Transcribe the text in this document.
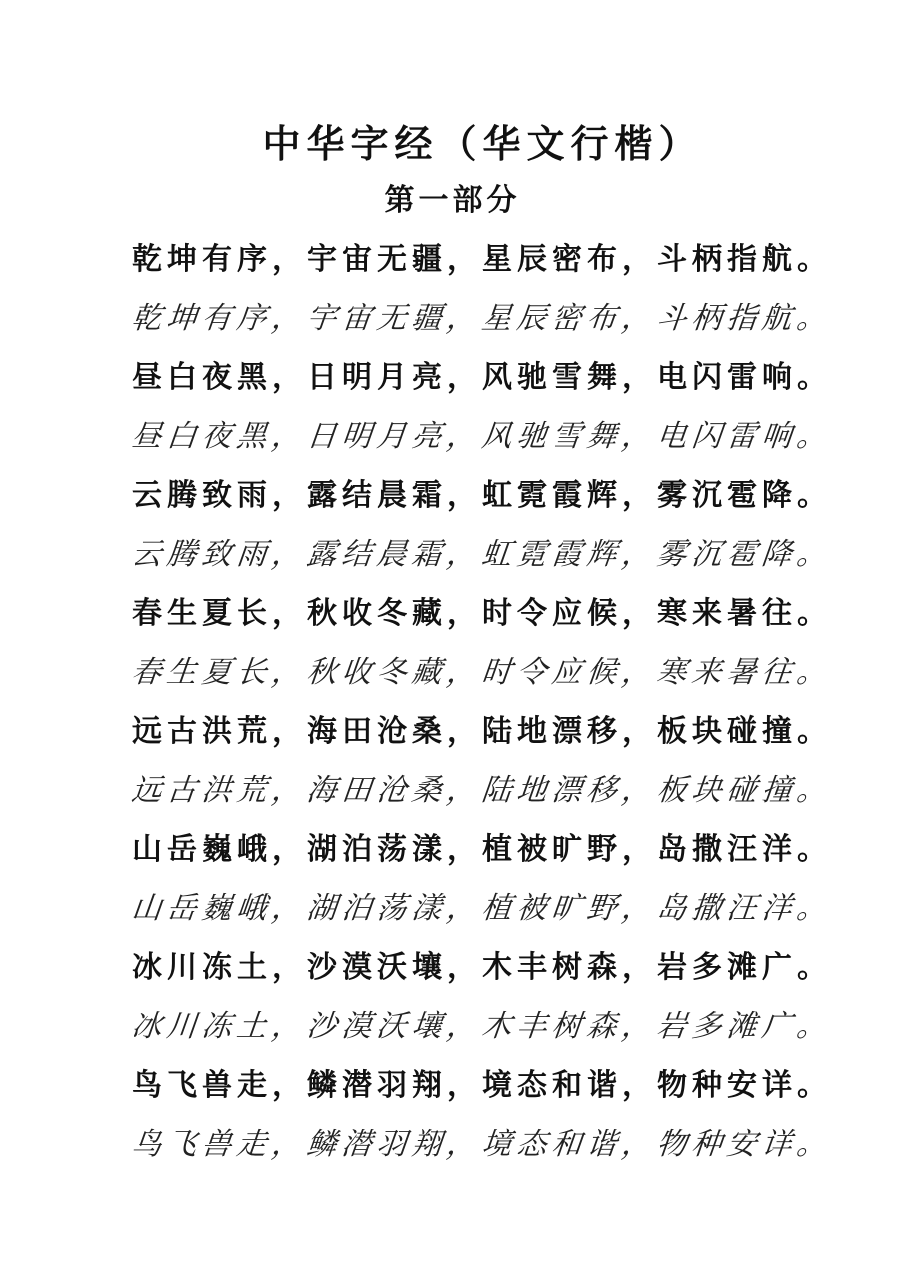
中华字经（华文行楷）
第一部分
乾坤有序，宇宙无疆，星辰密布，斗柄指航。
乾坤有序，宇宙无疆，星辰密布，斗柄指航。
昼白夜黑，日明月亮，风驰雪舞，电闪雷响。
昼白夜黑，日明月亮，风驰雪舞，电闪雷响。
云腾致雨，露结晨霜，虹霓霞辉，雾沉雹降。
云腾致雨，露结晨霜，虹霓霞辉，雾沉雹降。
春生夏长，秋收冬藏，时令应候，寒来暑往。
春生夏长，秋收冬藏，时令应候，寒来暑往。
远古洪荒，海田沧桑，陆地漂移，板块碰撞。
远古洪荒，海田沧桑，陆地漂移，板块碰撞。
山岳巍峨，湖泊荡漾，植被旷野，岛撒汪洋。
山岳巍峨，湖泊荡漾，植被旷野，岛撒汪洋。
冰川冻土，沙漠沃壤，木丰树森，岩多滩广。
冰川冻土，沙漠沃壤，木丰树森，岩多滩广。
鸟飞兽走，鳞潜羽翔，境态和谐，物种安详。
鸟飞兽走，鳞潜羽翔，境态和谐，物种安详。
